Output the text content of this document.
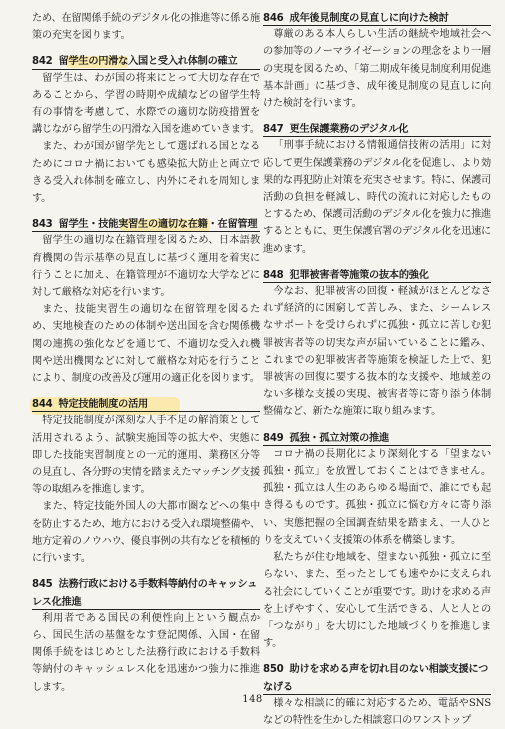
ため、在留関係手続のデジタル化の推進等に係る施策の充実を図ります。

842 留学生の円滑な入国と受入れ体制の確立

留学生は、わが国の将来にとって大切な存在であることから、学習の時期や成績などの留学生特有の事情を考慮して、水際での適切な防疫措置を講じながら留学生の円滑な入国を進めていきます。

また、わが国が留学先として選ばれる国となるためにコロナ禍においても感染拡大防止と両立できる受入れ体制を確立し、内外にそれを周知します。

843 留学生・技能実習生の適切な在籍・在留管理

留学生の適切な在籍管理を図るため、日本語教育機関の告示基準の見直しに基づく運用を着実に行うことに加え、在籍管理が不適切な大学などに対して厳格な対応を行います。

また、技能実習生の適切な在留管理を図るため、実地検査のための体制や送出国を含む関係機関の連携の強化などを通じて、不適切な受入れ機関や送出機関などに対して厳格な対応を行うことにより、制度の改善及び運用の適正化を図ります。

844 特定技能制度の活用

特定技能制度が深刻な人手不足の解消策として活用されるよう、試験実施国等の拡大や、実態に即した技能実習制度との一元的運用、業務区分等の見直し、各分野の実情を踏まえたマッチング支援等の取組みを推進します。

また、特定技能外国人の大都市圏などへの集中を防止するため、地方における受入れ環境整備や、地方定着のノウハウ、優良事例の共有などを積極的に行います。

845 法務行政における手数料等納付のキャッシュレス化推進

利用者である国民の利便性向上という観点から、国民生活の基盤をなす登記関係、入国・在留関係手続をはじめとした法務行政における手数料等納付のキャッシュレス化を迅速かつ強力に推進します。

846 成年後見制度の見直しに向けた検討

尊厳のある本人らしい生活の継続や地域社会への参加等のノーマライゼーションの理念をより一層の実現を図るため、「第二期成年後見制度利用促進基本計画」に基づき、成年後見制度の見直しに向けた検討を行います。

847 更生保護業務のデジタル化

「刑事手続における情報通信技術の活用」に対応して更生保護業務のデジタル化を促進し、より効果的な再犯防止対策を充実させます。特に、保護司活動の負担を軽減し、時代の流れに対応したものとするため、保護司活動のデジタル化を強力に推進するとともに、更生保護官署のデジタル化を迅速に進めます。

848 犯罪被害者等施策の抜本的強化

今なお、犯罪被害の回復・軽減がほとんどなされず経済的に困窮して苦しみ、また、シームレスなサポートを受けられずに孤独・孤立に苦しむ犯罪被害者等の切実な声が届いていることに鑑み、これまでの犯罪被害者等施策を検証した上で、犯罪被害の回復に要する抜本的な支援や、地域差のない多様な支援の実現、被害者等に寄り添う体制整備など、新たな施策に取り組みます。

849 孤独・孤立対策の推進

コロナ禍の長期化により深刻化する「望まない孤独・孤立」を放置しておくことはできません。孤独・孤立は人生のあらゆる場面で、誰にでも起き得るものです。孤独・孤立に悩む方々に寄り添い、実態把握の全国調査結果を踏まえ、一人ひとりを支えていく支援策の体系を構築します。

私たちが住む地域を、望まない孤独・孤立に至らない、また、至ったとしても速やかに支えられる社会にしていくことが重要です。助けを求める声を上げやすく、安心して生活できる、人と人との「つながり」を大切にした地域づくりを推進します。

850 助けを求める声を切れ目のない相談支援につなげる

様々な相談に的確に対応するため、電話やSNSなどの特性を生かした相談窓口のワンストップ

148
